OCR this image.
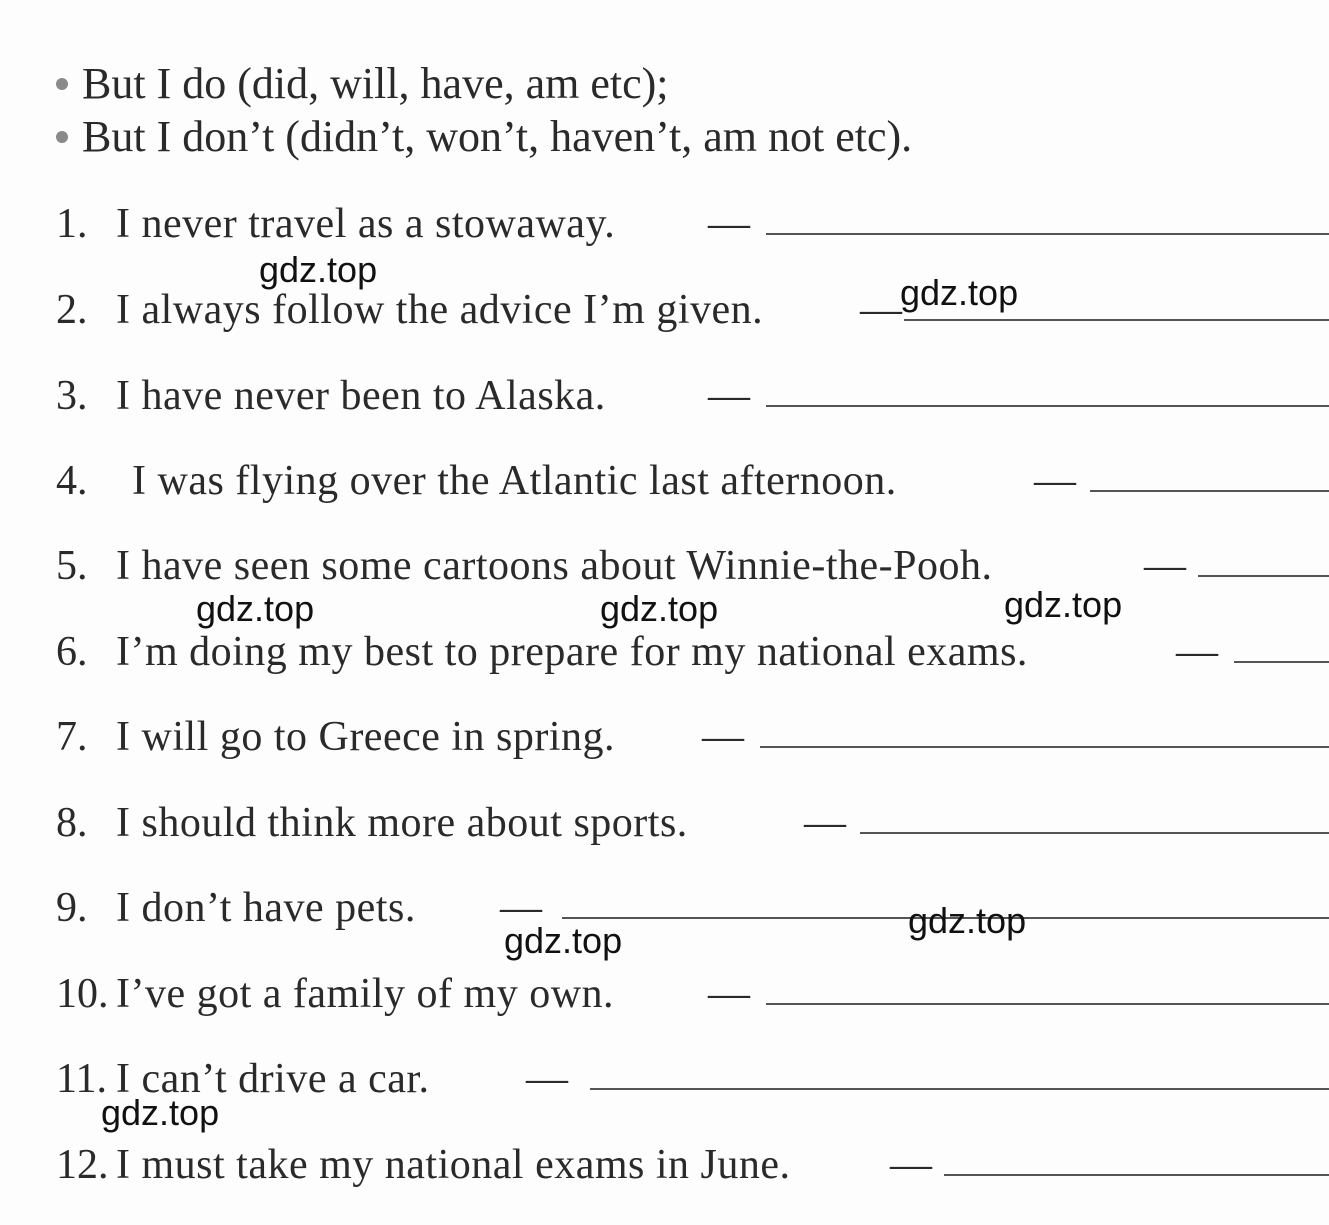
But I do (did, will, have, am etc);
But I don’t (didn’t, won’t, haven’t, am not etc).
1. I never travel as a stowaway. —
2. I always follow the advice I’m given. —
3. I have never been to Alaska. —
4. I was flying over the Atlantic last afternoon.	—
5. I have seen some cartoons about Winnie-the-Pooh.	—
6. I’m doing my best to prepare for my national exams.	—
7. I will go to Greece in spring. —
8. I should think more about sports.	—
9. I don’t have pets. —
10. I’ve got a family of my own. —
11. I can’t drive a car. —
12. I must take my national exams in June. —
gdz.top
gdz.top
gdz.top	gdz.top	gdz.top
gdz.top
gdz.top
gdz.top
